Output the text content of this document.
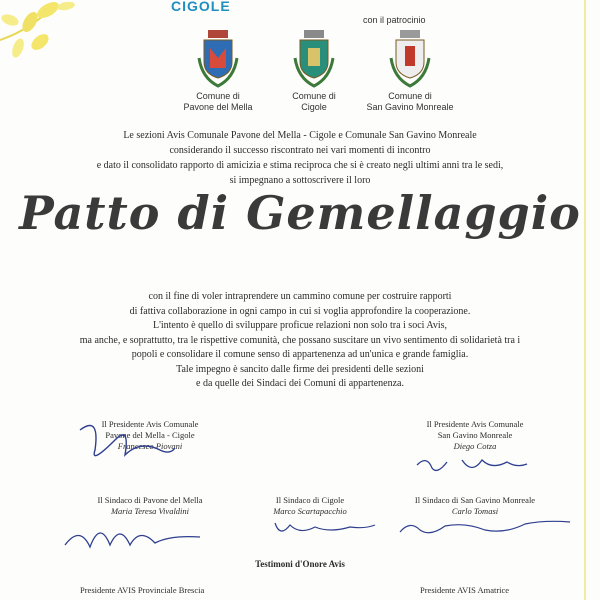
CIGOLE
con il patrocinio
Comune di
Pavone del Mella
Comune di
Cigole
Comune di
San Gavino Monreale
Le sezioni Avis Comunale Pavone del Mella - Cigole e Comunale San Gavino Monreale
considerando il successo riscontrato nei vari momenti di incontro
e dato il consolidato rapporto di amicizia e stima reciproca che si è creato negli ultimi anni tra le sedi,
si impegnano a sottoscrivere il loro
Patto di Gemellaggio
con il fine di voler intraprendere un cammino comune per costruire rapporti
di fattiva collaborazione in ogni campo in cui si voglia approfondire la cooperazione.
L'intento è quello di sviluppare proficue relazioni non solo tra i soci Avis,
ma anche, e soprattutto, tra le rispettive comunità, che possano suscitare un vivo sentimento di solidarietà tra i
popoli e consolidare il comune senso di appartenenza ad un'unica e grande famiglia.
Tale impegno è sancito dalle firme dei presidenti delle sezioni
e da quelle dei Sindaci dei Comuni di appartenenza.
Il Presidente Avis Comunale
Pavone del Mella - Cigole
Francesco Piovani
Il Presidente Avis Comunale
San Gavino Monreale
Diego Cotza
Il Sindaco di Pavone del Mella
Maria Teresa Vivaldini
Il Sindaco di Cigole
Marco Scartapacchio
Il Sindaco di San Gavino Monreale
Carlo Tomasi
Testimoni d'Onore Avis
Presidente AVIS Provinciale Brescia	Presidente AVIS Amatrice
